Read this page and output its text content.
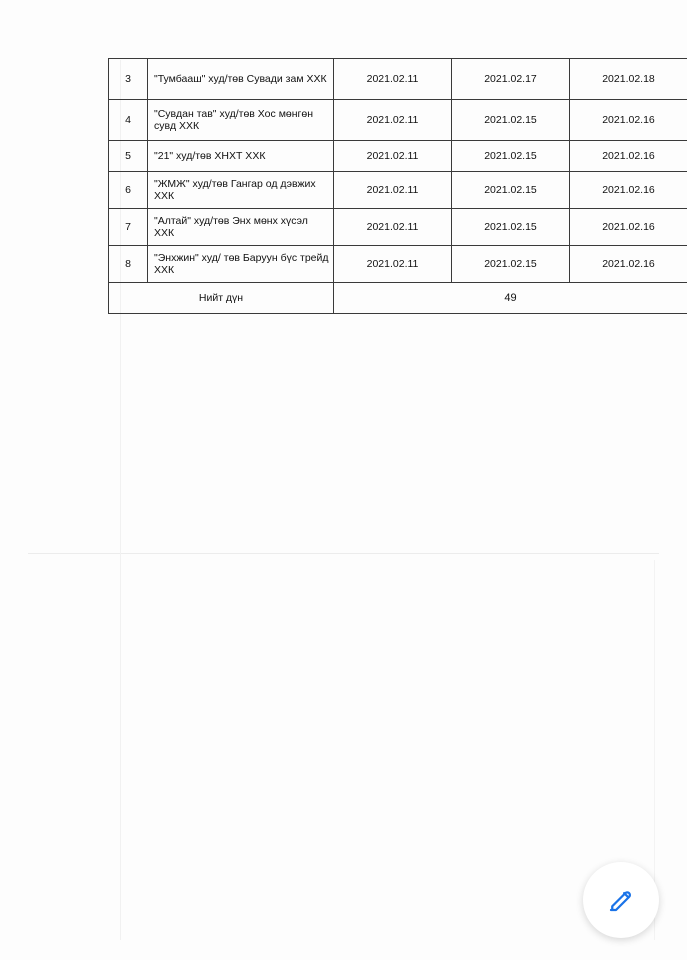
3	"Тумбааш" худ/төв Сувади зам ХХК	2021.02.11	2021.02.17	2021.02.18
4	"Сувдан тав" худ/төв Хос мөнгөн сувд ХХК	2021.02.11	2021.02.15	2021.02.16
5	"21" худ/төв ХНХТ ХХК	2021.02.11	2021.02.15	2021.02.16
6	"ЖМЖ" худ/төв Гангар од дэвжих ХХК	2021.02.11	2021.02.15	2021.02.16
7	"Алтай" худ/төв Энх мөнх хүсэл ХХК	2021.02.11	2021.02.15	2021.02.16
8	"Энхжин" худ/ төв Баруун бүс трейд ХХК	2021.02.11	2021.02.15	2021.02.16
Нийт дүн		49		
